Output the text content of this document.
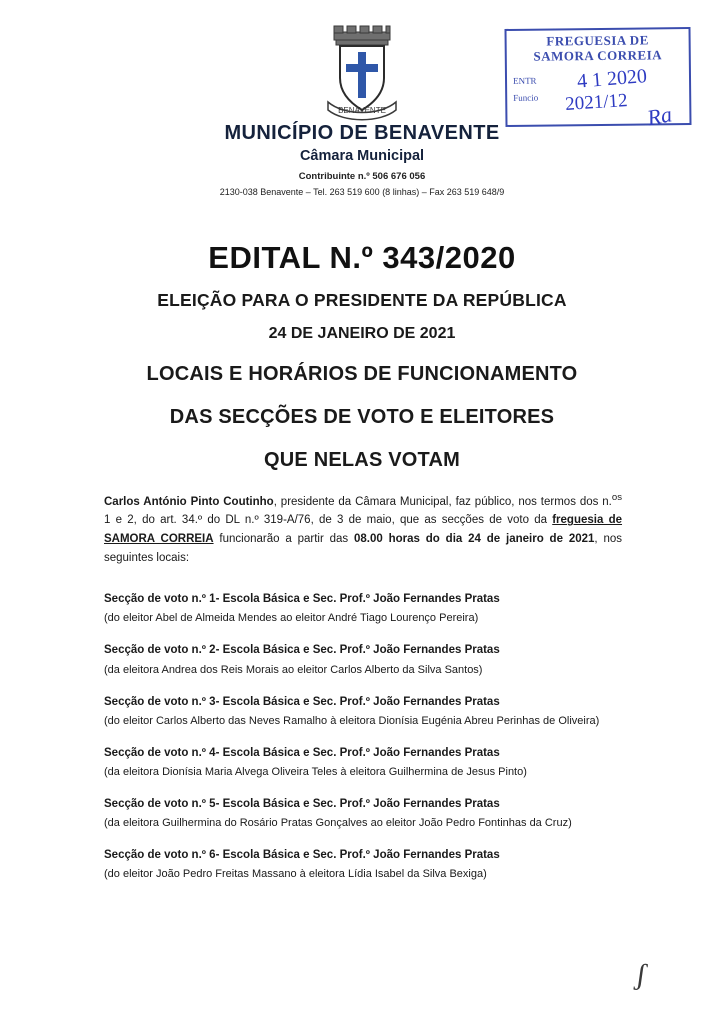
BENAVENTE
FREGUESIA DE
SAMORA CORREIA
ENTR
Funcio
4 1 2020
2021/12 Ra

MUNICÍPIO DE BENAVENTE

Câmara Municipal

Contribuinte n.º 506 676 056

2130-038 Benavente – Tel. 263 519 600 (8 linhas) – Fax 263 519 648/9

EDITAL N.º 343/2020

ELEIÇÃO PARA O PRESIDENTE DA REPÚBLICA

24 DE JANEIRO DE 2021

LOCAIS E HORÁRIOS DE FUNCIONAMENTO

DAS SECÇÕES DE VOTO E ELEITORES

QUE NELAS VOTAM

Carlos António Pinto Coutinho, presidente da Câmara Municipal, faz público, nos termos dos n.$^{os}$ 1 e 2, do art. 34.º do DL n.º 319-A/76, de 3 de maio, que as secções de voto da freguesia de SAMORA CORREIA funcionarão a partir das 08.00 horas do dia 24 de janeiro de 2021, nos seguintes locais:

Secção de voto n.º 1- Escola Básica e Sec. Prof.º João Fernandes Pratas

(do eleitor Abel de Almeida Mendes ao eleitor André Tiago Lourenço Pereira)

Secção de voto n.º 2- Escola Básica e Sec. Prof.º João Fernandes Pratas

(da eleitora Andrea dos Reis Morais ao eleitor Carlos Alberto da Silva Santos)

Secção de voto n.º 3- Escola Básica e Sec. Prof.º João Fernandes Pratas

(do eleitor Carlos Alberto das Neves Ramalho à eleitora Dionísia Eugénia Abreu Perinhas de Oliveira)

Secção de voto n.º 4- Escola Básica e Sec. Prof.º João Fernandes Pratas

(da eleitora Dionísia Maria Alvega Oliveira Teles à eleitora Guilhermina de Jesus Pinto)

Secção de voto n.º 5- Escola Básica e Sec. Prof.º João Fernandes Pratas

(da eleitora Guilhermina do Rosário Pratas Gonçalves ao eleitor João Pedro Fontinhas da Cruz)

Secção de voto n.º 6- Escola Básica e Sec. Prof.º João Fernandes Pratas

(do eleitor João Pedro Freitas Massano à eleitora Lídia Isabel da Silva Bexiga)

ʃ
